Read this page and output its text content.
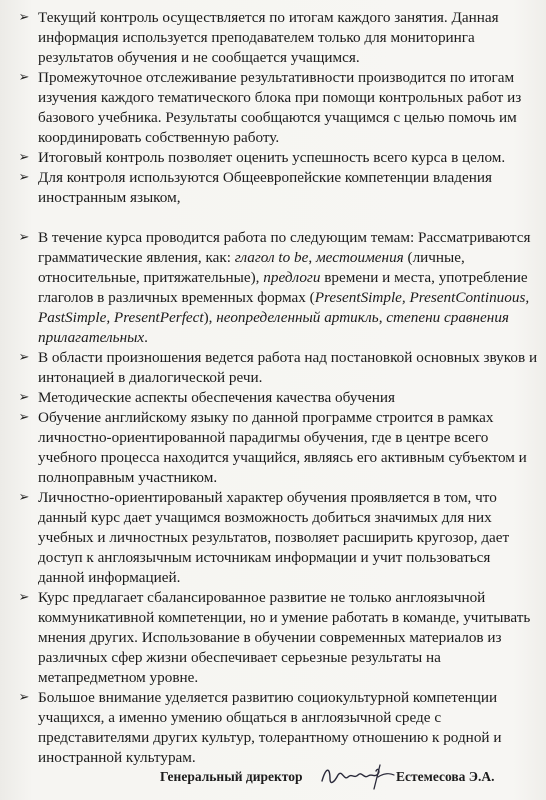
➢ Текущий контроль осуществляется по итогам каждого занятия. Данная информация используется преподавателем только для мониторинга результатов обучения и не сообщается учащимся.
➢ Промежуточное отслеживание результативности производится по итогам изучения каждого тематического блока при помощи контрольных работ из базового учебника. Результаты сообщаются учащимся с целью помочь им координировать собственную работу.
➢ Итоговый контроль позволяет оценить успешность всего курса в целом.
➢ Для контроля используются Общеевропейские компетенции владения иностранным языком,
➢ В течение курса проводится работа по следующим темам: Рассматриваются грамматические явления, как: глагол to be, местоимения (личные, относительные, притяжательные), предлоги времени и места, употребление глаголов в различных временных формах (PresentSimple, PresentContinuous, PastSimple, PresentPerfect), неопределенный артикль, степени сравнения прилагательных.
➢ В области произношения ведется работа над постановкой основных звуков и интонацией в диалогической речи.
➢ Методические аспекты обеспечения качества обучения
➢ Обучение английскому языку по данной программе строится в рамках личностно-ориентированной парадигмы обучения, где в центре всего учебного процесса находится учащийся, являясь его активным субъектом и полноправным участником.
➢ Личностно-ориентированый характер обучения проявляется в том, что данный курс дает учащимся возможность добиться значимых для них учебных и личностных результатов, позволяет расширить кругозор, дает доступ к англоязычным источникам информации и учит пользоваться данной информацией.
➢ Курс предлагает сбалансированное развитие не только англоязычной коммуникативной компетенции, но и умение работать в команде, учитывать мнения других. Использование в обучении современных материалов из различных сфер жизни обеспечивает серьезные результаты на метапредметном уровне.
➢ Большое внимание уделяется развитию социокультурной компетенции учащихся, а именно умению общаться в англоязычной среде с представителями других культур, толерантному отношению к родной и иностранной культурам.
Генеральный директор	Естемесова Э.А.
